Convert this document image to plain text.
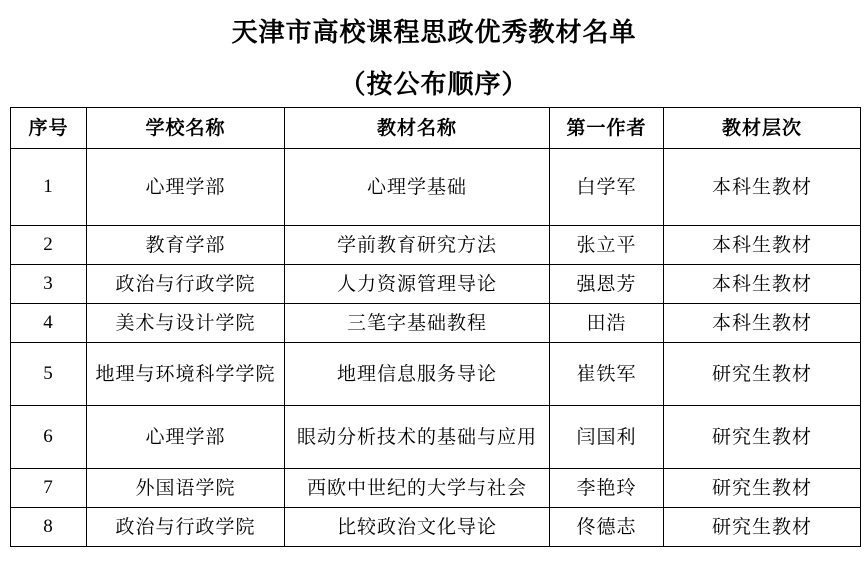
天津市高校课程思政优秀教材名单
（按公布顺序）
序号	学校名称	教材名称	第一作者	教材层次
1	心理学部	心理学基础	白学军	本科生教材
2	教育学部	学前教育研究方法	张立平	本科生教材
3	政治与行政学院	人力资源管理导论	强恩芳	本科生教材
4	美术与设计学院	三笔字基础教程	田浩	本科生教材
5	地理与环境科学学院	地理信息服务导论	崔铁军	研究生教材
6	心理学部	眼动分析技术的基础与应用	闫国利	研究生教材
7	外国语学院	西欧中世纪的大学与社会	李艳玲	研究生教材
8	政治与行政学院	比较政治文化导论	佟德志	研究生教材
